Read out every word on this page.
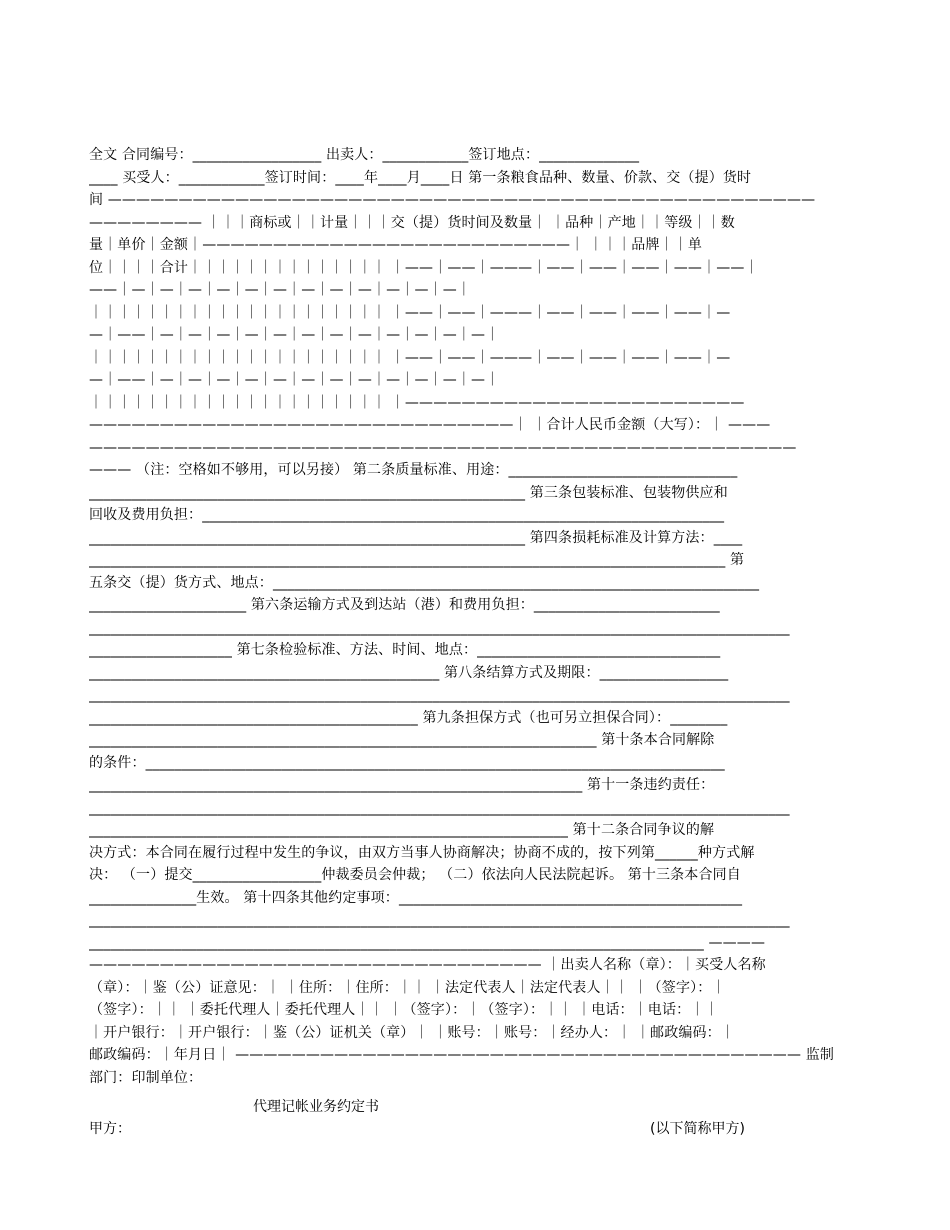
全文 合同编号：__________________ 出卖人：____________签订地点：______________
____ 买受人：____________签订时间：____年____月____日 第一条粮食品种、数量、价款、交（提）货时
间 ——————————————————————————————————————————————————
———————— ｜｜｜商标或｜｜计量｜｜｜交（提）货时间及数量｜ ｜品种｜产地｜｜等级｜｜数
量｜单价｜金额｜——————————————————————————｜ ｜｜｜品牌｜｜单
位｜｜｜｜合计｜｜｜｜｜｜｜｜｜｜｜｜｜｜ ｜——｜——｜———｜——｜——｜——｜——｜——｜
——｜—｜—｜—｜—｜—｜—｜—｜—｜—｜—｜—｜—｜
｜｜｜｜｜｜｜｜｜｜｜｜｜｜｜｜｜｜｜｜｜ ｜——｜——｜———｜——｜——｜——｜——｜—
—｜——｜—｜—｜—｜—｜—｜—｜—｜—｜—｜—｜—｜—｜
｜｜｜｜｜｜｜｜｜｜｜｜｜｜｜｜｜｜｜｜｜ ｜——｜——｜———｜——｜——｜——｜——｜—
—｜——｜—｜—｜—｜—｜—｜—｜—｜—｜—｜—｜—｜—｜
｜｜｜｜｜｜｜｜｜｜｜｜｜｜｜｜｜｜｜｜｜ ｜————————————————————————
——————————————————————————————｜ ｜合计人民币金额（大写）：｜ ———
——————————————————————————————————————————————————
——— （注：空格如不够用，可以另接） 第二条质量标准、用途：________________________________
_____________________________________________________________ 第三条包装标准、包装物供应和
回收及费用负担：_________________________________________________________________________
_____________________________________________________________ 第四条损耗标准及计算方法：____
_________________________________________________________________________________________ 第
五条交（提）货方式、地点：____________________________________________________________________
______________________ 第六条运输方式及到达站（港）和费用负担：__________________________
__________________________________________________________________________________________________
____________________ 第七条检验标准、方法、时间、地点：__________________________________
_________________________________________________ 第八条结算方式及期限：__________________
__________________________________________________________________________________________________
______________________________________________ 第九条担保方式（也可另立担保合同）：________
_______________________________________________________________________ 第十条本合同解除
的条件：_________________________________________________________________________________
_____________________________________________________________________ 第十一条违约责任：
__________________________________________________________________________________________________
___________________________________________________________________ 第十二条合同争议的解
决方式：本合同在履行过程中发生的争议，由双方当事人协商解决；协商不成的，按下列第______种方式解
决： （一）提交__________________仲裁委员会仲裁； （二）依法向人民法院起诉。 第十三条本合同自
_______________生效。 第十四条其他约定事项：________________________________________________
__________________________________________________________________________________________________
______________________________________________________________________________________ ————
———————————————————————————————— ｜出卖人名称（章）：｜买受人名称
（章）：｜鉴（公）证意见：｜ ｜住所：｜住所：｜｜ ｜法定代表人｜法定代表人｜｜ ｜（签字）：｜
（签字）：｜｜ ｜委托代理人｜委托代理人｜｜ ｜（签字）：｜（签字）：｜｜ ｜电话：｜电话：｜｜
｜开户银行：｜开户银行：｜鉴（公）证机关（章）｜ ｜账号：｜账号：｜经办人：｜ ｜邮政编码：｜
邮政编码：｜年月日｜ ———————————————————————————————————————— 监制
部门：印制单位：
代理记帐业务约定书
甲方：	(以下简称甲方)
